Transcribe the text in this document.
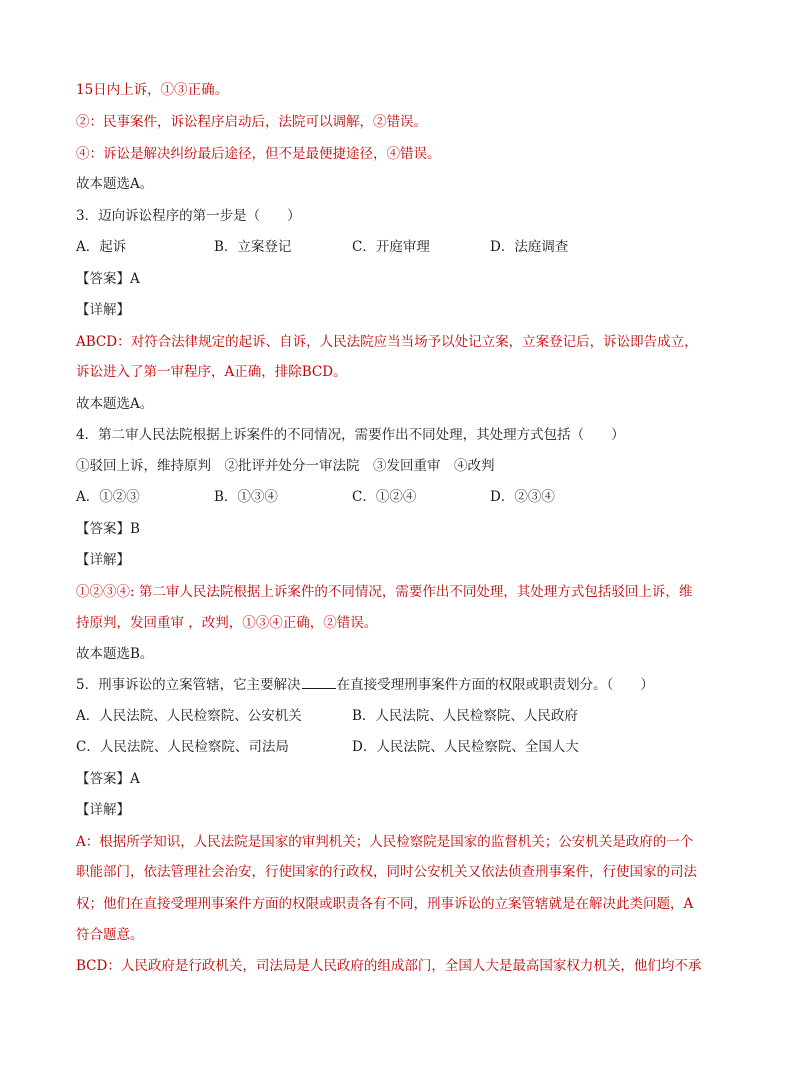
15日内上诉，①③正确。
②：民事案件，诉讼程序启动后，法院可以调解，②错误。
④：诉讼是解决纠纷最后途径，但不是最便捷途径，④错误。
故本题选A。
3．迈向诉讼程序的第一步是（　　）
A．起诉	B．立案登记	C．开庭审理	D．法庭调查
【答案】A
【详解】
ABCD：对符合法律规定的起诉、自诉，人民法院应当当场予以处记立案，立案登记后，诉讼即告成立，
诉讼进入了第一审程序，A正确，排除BCD。
故本题选A。
4．第二审人民法院根据上诉案件的不同情况，需要作出不同处理，其处理方式包括（　　）
①驳回上诉，维持原判　②批评并处分一审法院　③发回重审　④改判
A．①②③	B．①③④	C．①②④	D．②③④
【答案】B
【详解】
①②③④: 第二审人民法院根据上诉案件的不同情况，需要作出不同处理，其处理方式包括驳回上诉，维
持原判，发回重审 ，改判，①③④正确，②错误。
故本题选B。
5．刑事诉讼的立案管辖，它主要解决	在直接受理刑事案件方面的权限或职责划分。（　　）
A．人民法院、人民检察院、公安机关	B．人民法院、人民检察院、人民政府
C．人民法院、人民检察院、司法局	D．人民法院、人民检察院、全国人大
【答案】A
【详解】
A：根据所学知识，人民法院是国家的审判机关；人民检察院是国家的监督机关；公安机关是政府的一个
职能部门，依法管理社会治安，行使国家的行政权，同时公安机关又依法侦查刑事案件，行使国家的司法
权；他们在直接受理刑事案件方面的权限或职责各有不同，刑事诉讼的立案管辖就是在解决此类问题，A
符合题意。
BCD：人民政府是行政机关，司法局是人民政府的组成部门，全国人大是最高国家权力机关，他们均不承
